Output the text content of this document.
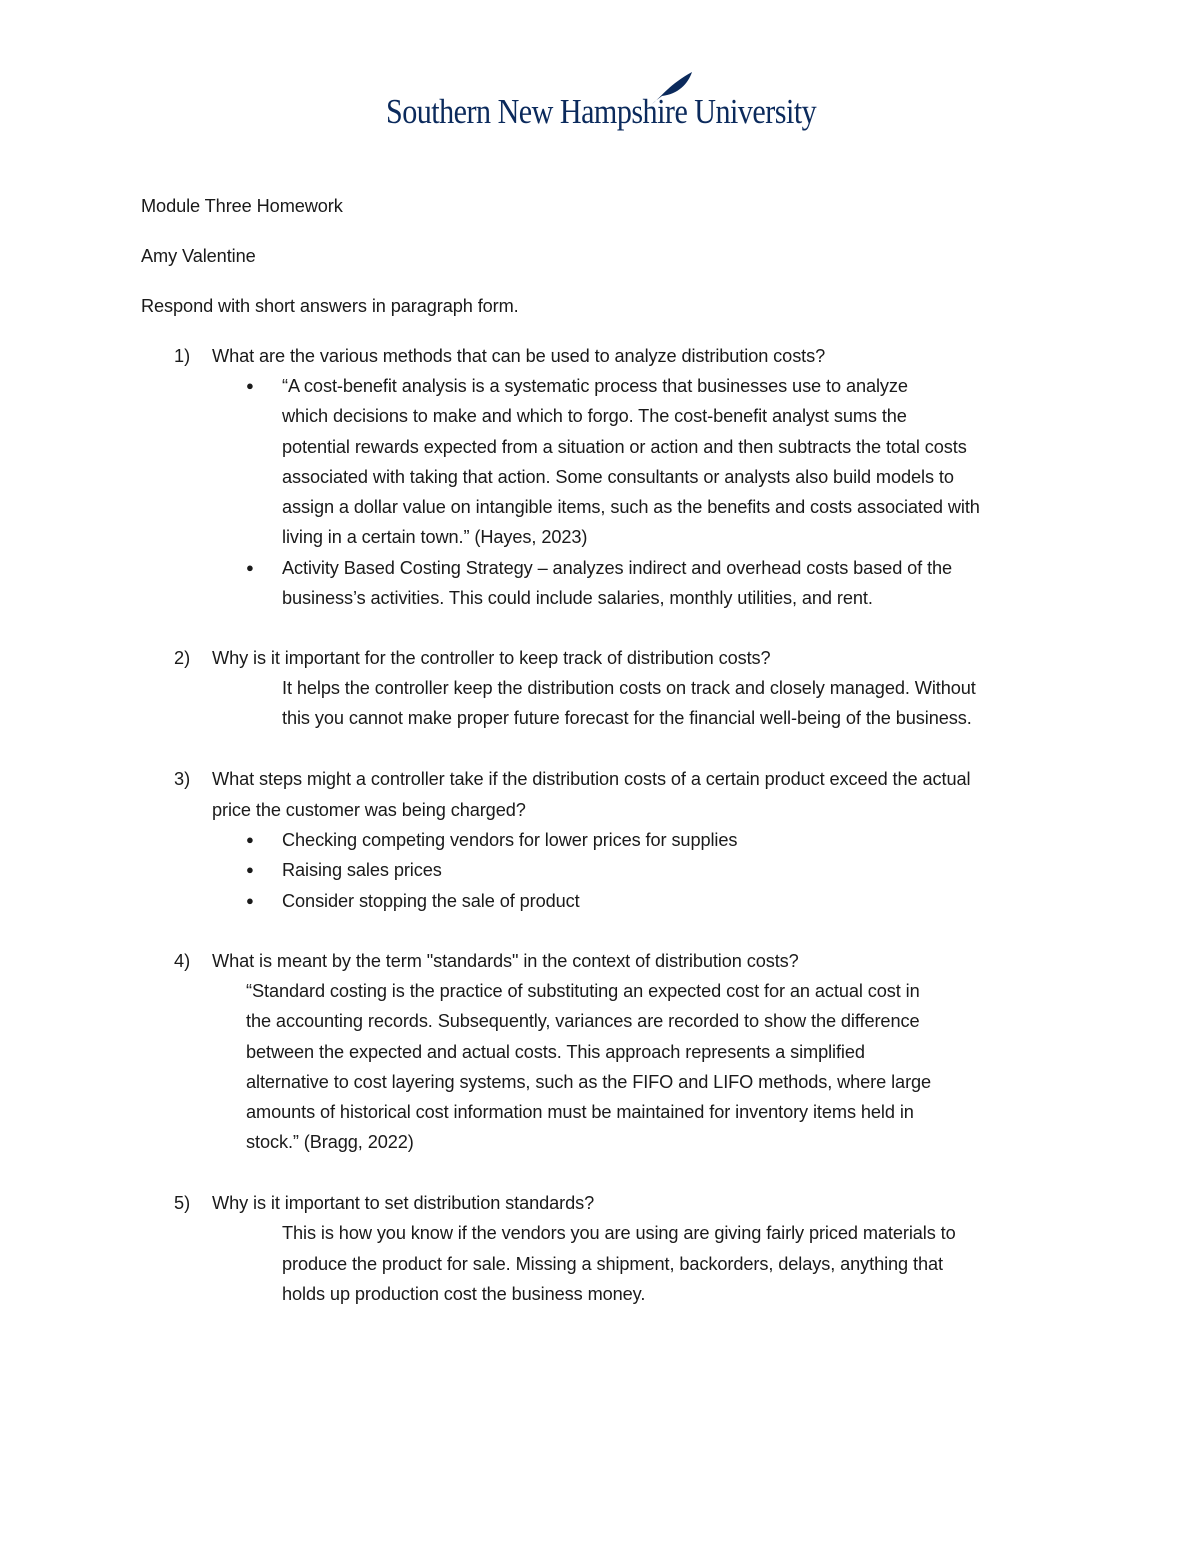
Southern New Hampshire University
Module Three Homework
Amy Valentine
Respond with short answers in paragraph form.
1) What are the various methods that can be used to analyze distribution costs?
● “A cost-benefit analysis is a systematic process that businesses use to analyze
which decisions to make and which to forgo. The cost-benefit analyst sums the
potential rewards expected from a situation or action and then subtracts the total costs
associated with taking that action. Some consultants or analysts also build models to
assign a dollar value on intangible items, such as the benefits and costs associated with
living in a certain town.” (Hayes, 2023)
● Activity Based Costing Strategy – analyzes indirect and overhead costs based of the
business’s activities. This could include salaries, monthly utilities, and rent.
2) Why is it important for the controller to keep track of distribution costs?
It helps the controller keep the distribution costs on track and closely managed. Without
this you cannot make proper future forecast for the financial well-being of the business.
3) What steps might a controller take if the distribution costs of a certain product exceed the actual
price the customer was being charged?
● Checking competing vendors for lower prices for supplies
● Raising sales prices
● Consider stopping the sale of product
4) What is meant by the term "standards" in the context of distribution costs?
“Standard costing is the practice of substituting an expected cost for an actual cost in
the accounting records. Subsequently, variances are recorded to show the difference
between the expected and actual costs. This approach represents a simplified
alternative to cost layering systems, such as the FIFO and LIFO methods, where large
amounts of historical cost information must be maintained for inventory items held in
stock.” (Bragg, 2022)
5) Why is it important to set distribution standards?
This is how you know if the vendors you are using are giving fairly priced materials to
produce the product for sale. Missing a shipment, backorders, delays, anything that
holds up production cost the business money.
